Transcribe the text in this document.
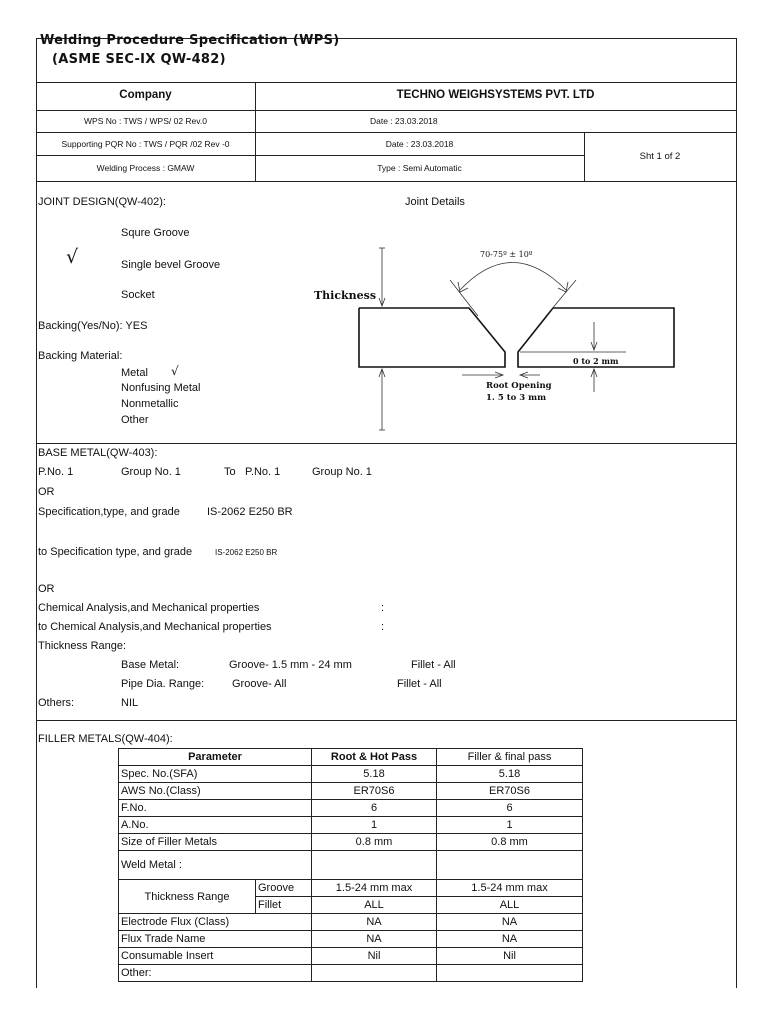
Welding Procedure Specification (WPS)
(ASME SEC-IX QW-482)
Company	TECHNO WEIGHSYSTEMS PVT. LTD
WPS No : TWS / WPS/ 02 Rev.0	Date : 23.03.2018
Supporting PQR No : TWS / PQR /02 Rev -0	Date : 23.03.2018
Sht 1 of 2
Welding Process : GMAW	Type : Semi Automatic
JOINT DESIGN(QW-402):	Joint Details
Squre Groove
√	Single bevel Groove
Socket
Backing(Yes/No): YES
Backing Material:
Metal √
Nonfusing Metal
Nonmetallic
Other
Thickness
70-75º ± 10º
0 to 2 mm
Root Opening
1. 5 to 3 mm
BASE METAL(QW-403):
P.No. 1	Group No. 1	To P.No. 1	Group No. 1
OR
Specification,type, and grade IS-2062 E250 BR
to Specification type, and grade	IS-2062 E250 BR
OR
Chemical Analysis,and Mechanical properties	:
to Chemical Analysis,and Mechanical properties	:
Thickness Range:
Base Metal:	Groove- 1.5 mm - 24 mm	Fillet - All
Pipe Dia. Range:	Groove- All	Fillet - All
Others:	NIL
FILLER METALS(QW-404):
Parameter		Root & Hot Pass	Filler & final pass
Spec. No.(SFA)		5.18	5.18
AWS No.(Class)		ER70S6	ER70S6
F.No.		6	6
A.No.		1	1
Size of Filler Metals		0.8 mm	0.8 mm
Weld Metal :			
Thickness Range	Groove	1.5-24 mm max	1.5-24 mm max
	Fillet	ALL	ALL
Electrode Flux (Class)		NA	NA
Flux Trade Name		NA	NA
Consumable Insert		Nil	Nil
Other:			
